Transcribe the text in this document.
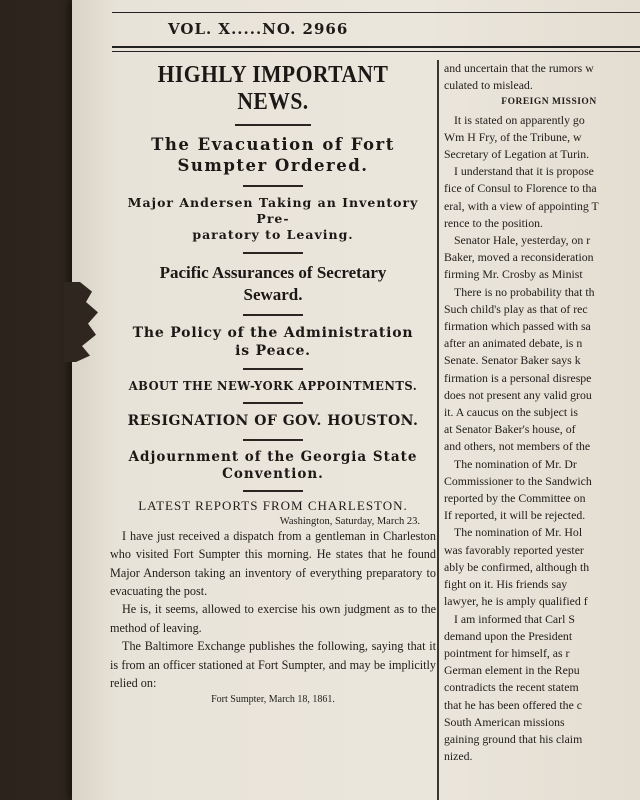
VOL. X.....NO. 2966
HIGHLY IMPORTANT NEWS.
The Evacuation of Fort
Sumpter Ordered.
Major Andersen Taking an Inventory Pre-
paratory to Leaving.
Pacific Assurances of Secretary
Seward.
The Policy of the Administration
is Peace.
ABOUT THE NEW-YORK APPOINTMENTS.
RESIGNATION OF GOV. HOUSTON.
Adjournment of the Georgia State
Convention.
LATEST REPORTS FROM CHARLESTON.
Washington, Saturday, March 23.

I have just received a dispatch from a gentleman in Charleston who visited Fort Sumpter this morning. He states that he found Major Anderson taking an inventory of everything preparatory to evacuating the post.

He is, it seems, allowed to exercise his own judgment as to the method of leaving.

The Baltimore Exchange publishes the following, saying that it is from an officer stationed at Fort Sumpter, and may be implicitly relied on:

Fort Sumpter, March 18, 1861.
and uncertain that the rumors w
culated to mislead.
FOREIGN MISSION
It is stated on apparently go
Wm H Fry, of the Tribune, w
Secretary of Legation at Turin.
I understand that it is propose
fice of Consul to Florence to tha
eral, with a view of appointing T
rence to the position.
Senator Hale, yesterday, on r
Baker, moved a reconsideration
firming Mr. Crosby as Minist
There is no probability that th
Such child's play as that of rec
firmation which passed with sa
after an animated debate, is n
Senate. Senator Baker says k
firmation is a personal disrespe
does not present any valid grou
it. A caucus on the subject is
at Senator Baker's house, of
and others, not members of the
The nomination of Mr. Dr
Commissioner to the Sandwich
reported by the Committee on
If reported, it will be rejected.
The nomination of Mr. Hol
was favorably reported yester
ably be confirmed, although th
fight on it. His friends say
lawyer, he is amply qualified f
I am informed that Carl S
demand upon the President
pointment for himself, as r
German element in the Repu
contradicts the recent statem
that he has been offered the c
South American missions
gaining ground that his claim
nized.
